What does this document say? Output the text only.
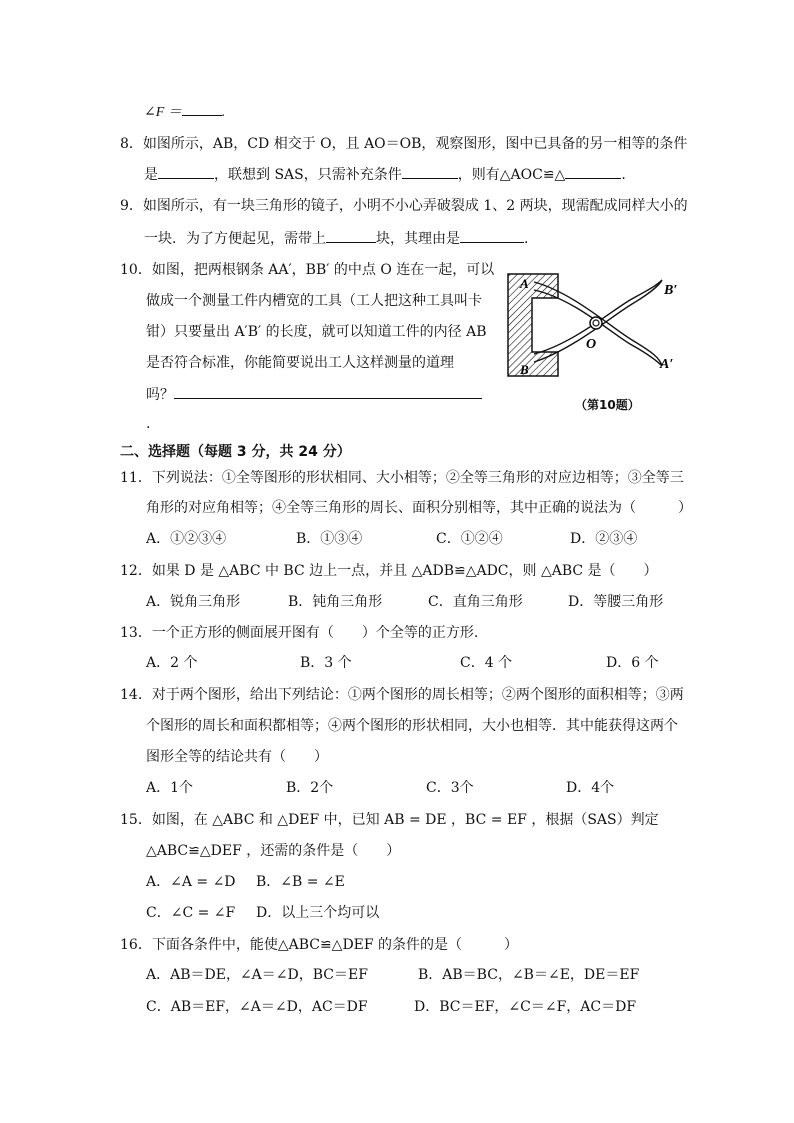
∠F ＝	.
8．如图所示，AB，CD 相交于 O，且 AO＝OB，观察图形，图中已具备的另一相等的条件
是	，联想到 SAS，只需补充条件	，则有△AOC≌△	.
9．如图所示，有一块三角形的镜子，小明不小心弄破裂成 1、2 两块，现需配成同样大小的
一块．为了方便起见，需带上	块，其理由是	.
10．如图，把两根钢条 AA′，BB′ 的中点 O 连在一起，可以
做成一个测量工件内槽宽的工具（工人把这种工具叫卡
钳）只要量出 A′B′ 的长度，就可以知道工件的内径 AB
是否符合标准，你能简要说出工人这样测量的道理
吗？
.
A
B
B′
A′
O
（第10题）
二、选择题（每题 3 分，共 24 分）
11．下列说法：①全等图形的形状相同、大小相等；②全等三角形的对应边相等；③全等三
角形的对应角相等；④全等三角形的周长、面积分别相等，其中正确的说法为（　　　）
A．①②③④	B．①③④	C．①②④	D．②③④
12．如果 D 是 △ABC 中 BC 边上一点，并且 △ADB≌△ADC，则 △ABC 是（　　）
A．锐角三角形	B．钝角三角形	C．直角三角形	D．等腰三角形
13．一个正方形的侧面展开图有（　　）个全等的正方形.
A．2 个	B．3 个	C．4 个	D．6 个
14．对于两个图形，给出下列结论：①两个图形的周长相等；②两个图形的面积相等；③两
个图形的周长和面积都相等；④两个图形的形状相同，大小也相等．其中能获得这两个
图形全等的结论共有（　　）
A．1个	B．2个	C．3个	D．4个
15．如图，在 △ABC 和 △DEF 中，已知 AB = DE ，BC = EF ，根据（SAS）判定
△ABC≌△DEF ，还需的条件是（　　）
A．∠A = ∠D B．∠B = ∠E
C．∠C = ∠F D．以上三个均可以
16．下面各条件中，能使△ABC≌△DEF 的条件的是（　　　）
A．AB＝DE，∠A＝∠D，BC＝EF	B．AB＝BC，∠B＝∠E，DE＝EF
C．AB＝EF，∠A＝∠D，AC＝DF	D．BC＝EF，∠C＝∠F，AC＝DF
